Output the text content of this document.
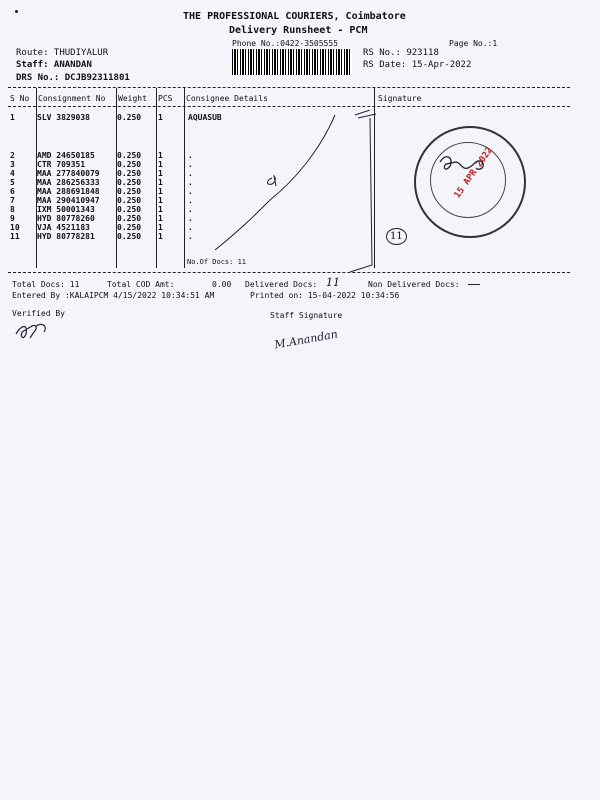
THE PROFESSIONAL COURIERS, Coimbatore
Delivery Runsheet - PCM
Phone No.:0422-3505555	Page No.:1
Route: THUDIYALUR
Staff: ANANDAN
DRS No.: DCJB92311801
RS No.: 923118
RS Date: 15-Apr-2022
S No Consignment No Weight PCS Consignee Details	Signature
1	SLV 3829038	0.250 1	AQUASUB
2	AMD 24650185	0.250 1	.
3	CTR 709351	0.250 1	.
4	MAA 277840079 0.250 1	.
5	MAA 286256333 0.250 1	.
6	MAA 288691848 0.250 1	.
7	MAA 290410947 0.250 1	.
8	IXM 50001343	0.250 1	.
9	HYD 80778260	0.250 1	.
10 VJA 4521183	0.250 1	.
11 HYD 80778281	0.250 1	.
No.Of Docs: 11
11
15 APR 2022
Total Docs: 11	Total COD Amt:	0.00 Delivered Docs: 11	Non Delivered Docs:
Entered By :KALAIPCM 4/15/2022 10:34:51 AM	Printed on: 15-04-2022 10:34:56
Verified By	Staff Signature
M.Anandan
